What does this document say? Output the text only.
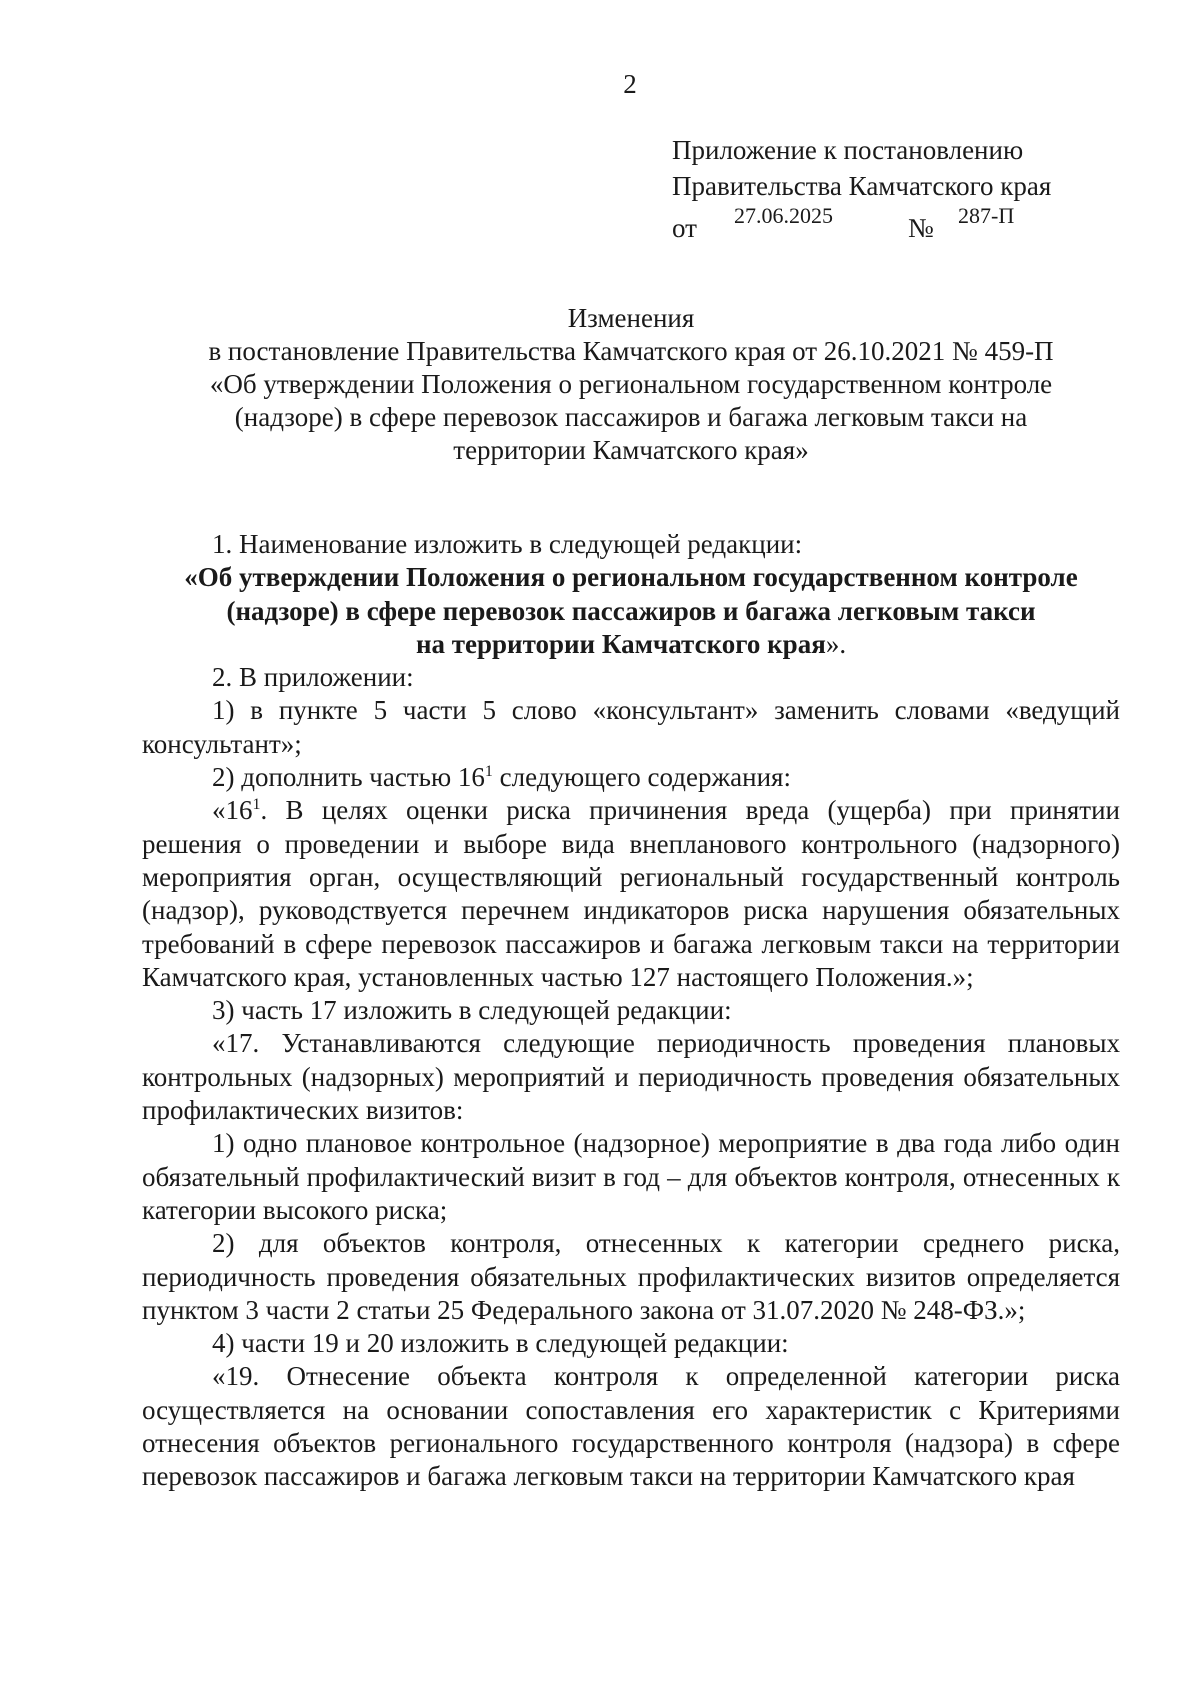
2
Приложение к постановлению
Правительства Камчатского края
от 27.06.2025	№ 287-П
Изменения
в постановление Правительства Камчатского края от 26.10.2021 № 459-П
«Об утверждении Положения о региональном государственном контроле
(надзоре) в сфере перевозок пассажиров и багажа легковым такси на
территории Камчатского края»

1. Наименование изложить в следующей редакции:

«Об утверждении Положения о региональном государственном контроле
(надзоре) в сфере перевозок пассажиров и багажа легковым такси
на территории Камчатского края».

2. В приложении:

1) в пункте 5 части 5 слово «консультант» заменить словами «ведущий консультант»;

2) дополнить частью $16^1$ следующего содержания:

«$16^1$. В целях оценки риска причинения вреда (ущерба) при принятии решения о проведении и выборе вида внепланового контрольного (надзорного) мероприятия орган, осуществляющий региональный государственный контроль (надзор), руководствуется перечнем индикаторов риска нарушения обязательных требований в сфере перевозок пассажиров и багажа легковым такси на территории Камчатского края, установленных частью 127 настоящего Положения.»;

3) часть 17 изложить в следующей редакции:

«17. Устанавливаются следующие периодичность проведения плановых контрольных (надзорных) мероприятий и периодичность проведения обязательных профилактических визитов:

1) одно плановое контрольное (надзорное) мероприятие в два года либо один обязательный профилактический визит в год – для объектов контроля, отнесенных к категории высокого риска;

2) для объектов контроля, отнесенных к категории среднего риска, периодичность проведения обязательных профилактических визитов определяется пунктом 3 части 2 статьи 25 Федерального закона от 31.07.2020 № 248-ФЗ.»;

4) части 19 и 20 изложить в следующей редакции:

«19. Отнесение объекта контроля к определенной категории риска осуществляется на основании сопоставления его характеристик с Критериями отнесения объектов регионального государственного контроля (надзора) в сфере перевозок пассажиров и багажа легковым такси на территории Камчатского края
